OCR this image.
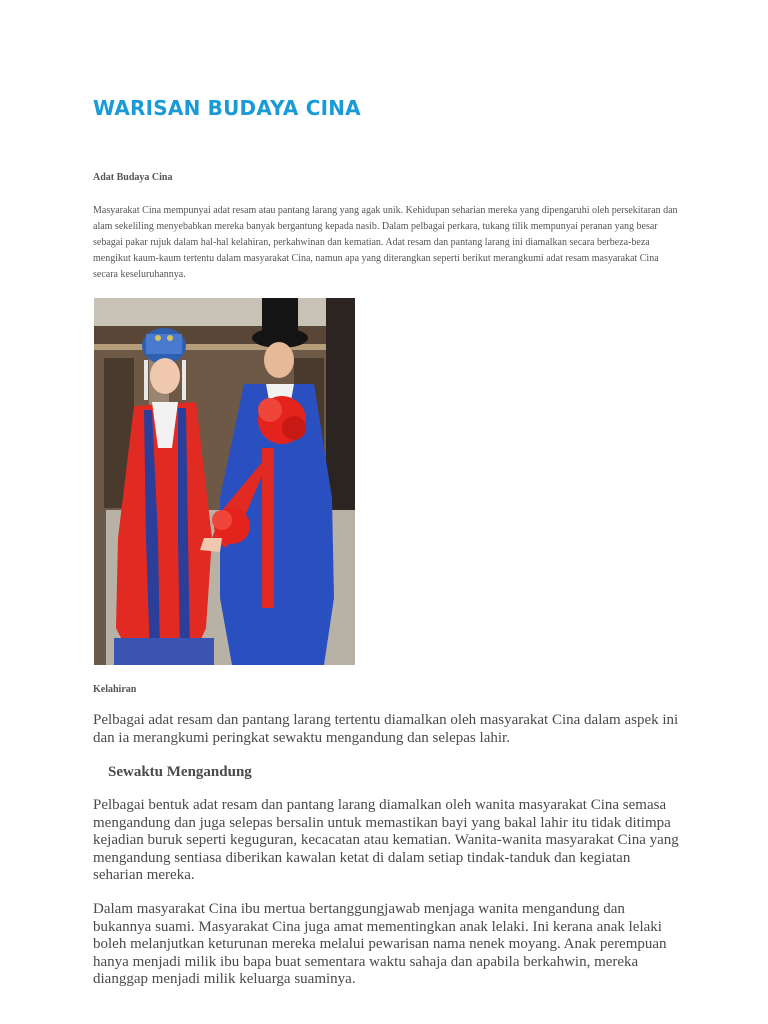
WARISAN BUDAYA CINA
Adat Budaya Cina
Masyarakat Cina mempunyai adat resam atau pantang larang yang agak unik. Kehidupan seharian mereka yang dipengaruhi oleh persekitaran dan alam sekeliling menyebabkan mereka banyak bergantung kepada nasib. Dalam pelbagai perkara, tukang tilik mempunyai peranan yang besar sebagai pakar rujuk dalam hal-hal kelahiran, perkahwinan dan kematian. Adat resam dan pantang larang ini diamalkan secara berbeza-beza mengikut kaum-kaum tertentu dalam masyarakat Cina, namun apa yang diterangkan seperti berikut merangkumi adat resam masyarakat Cina secara keseluruhannya.
Kelahiran
Pelbagai adat resam dan pantang larang tertentu diamalkan oleh masyarakat Cina dalam aspek ini dan ia merangkumi peringkat sewaktu mengandung dan selepas lahir.
Sewaktu Mengandung
Pelbagai bentuk adat resam dan pantang larang diamalkan oleh wanita masyarakat Cina semasa mengandung dan juga selepas bersalin untuk memastikan bayi yang bakal lahir itu tidak ditimpa kejadian buruk seperti keguguran, kecacatan atau kematian. Wanita-wanita masyarakat Cina yang mengandung sentiasa diberikan kawalan ketat di dalam setiap tindak-tanduk dan kegiatan seharian mereka.
Dalam masyarakat Cina ibu mertua bertanggungjawab menjaga wanita mengandung dan bukannya suami. Masyarakat Cina juga amat mementingkan anak lelaki. Ini kerana anak lelaki boleh melanjutkan keturunan mereka melalui pewarisan nama nenek moyang. Anak perempuan hanya menjadi milik ibu bapa buat sementara waktu sahaja dan apabila berkahwin, mereka dianggap menjadi milik keluarga suaminya.
